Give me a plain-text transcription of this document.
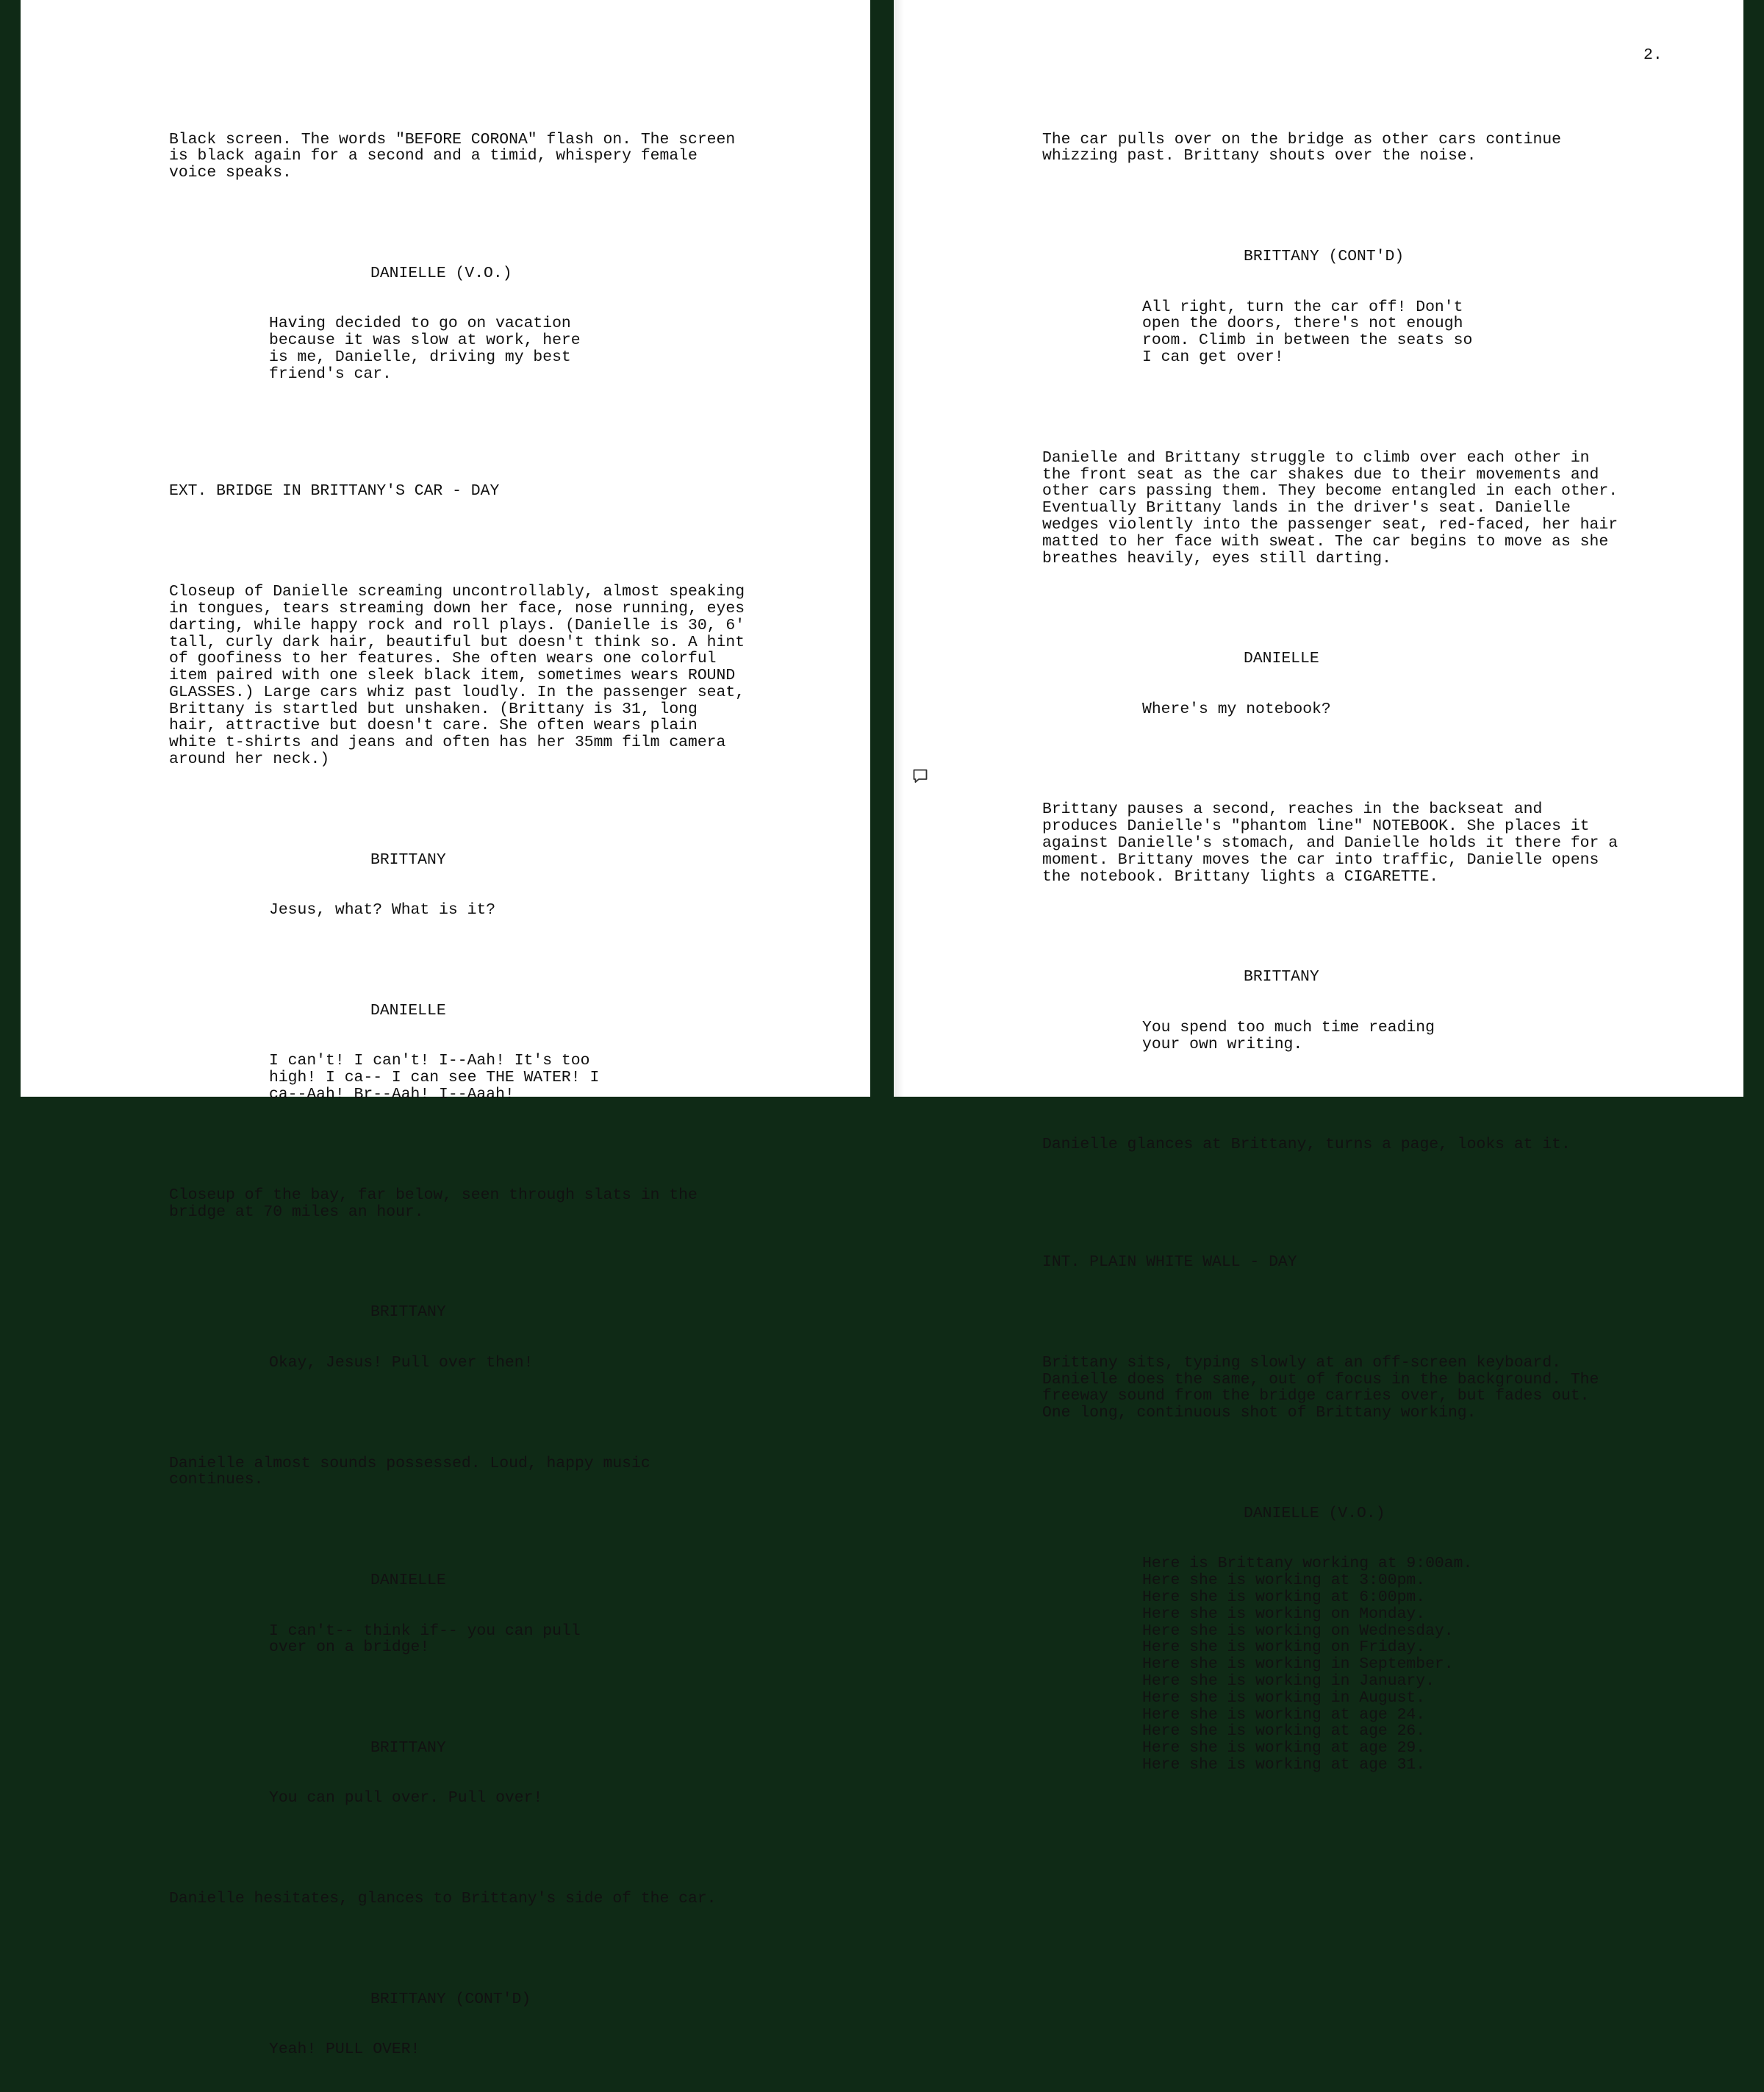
Black screen. The words "BEFORE CORONA" flash on. The screen
is black again for a second and a timid, whispery female
voice speaks.

DANIELLE (V.O.)

Having decided to go on vacation
because it was slow at work, here
is me, Danielle, driving my best
friend's car.

EXT. BRIDGE IN BRITTANY'S CAR - DAY

Closeup of Danielle screaming uncontrollably, almost speaking
in tongues, tears streaming down her face, nose running, eyes
darting, while happy rock and roll plays. (Danielle is 30, 6'
tall, curly dark hair, beautiful but doesn't think so. A hint
of goofiness to her features. She often wears one colorful
item paired with one sleek black item, sometimes wears ROUND
GLASSES.) Large cars whiz past loudly. In the passenger seat,
Brittany is startled but unshaken. (Brittany is 31, long
hair, attractive but doesn't care. She often wears plain
white t-shirts and jeans and often has her 35mm film camera
around her neck.)

BRITTANY

Jesus, what? What is it?

DANIELLE

I can't! I can't! I--Aah! It's too
high! I ca-- I can see THE WATER! I
ca--Aah! Br--Aah! I--Aaah!

Closeup of the bay, far below, seen through slats in the
bridge at 70 miles an hour.

BRITTANY

Okay, Jesus! Pull over then!

Danielle almost sounds possessed. Loud, happy music
continues.

DANIELLE

I can't-- think if-- you can pull
over on a bridge!

BRITTANY

You can pull over. Pull over!

Danielle hesitates, glances to Brittany's side of the car.

BRITTANY (CONT'D)

Yeah! PULL OVER!

2.

The car pulls over on the bridge as other cars continue
whizzing past. Brittany shouts over the noise.

BRITTANY (CONT'D)

All right, turn the car off! Don't
open the doors, there's not enough
room. Climb in between the seats so
I can get over!

Danielle and Brittany struggle to climb over each other in
the front seat as the car shakes due to their movements and
other cars passing them. They become entangled in each other.
Eventually Brittany lands in the driver's seat. Danielle
wedges violently into the passenger seat, red-faced, her hair
matted to her face with sweat. The car begins to move as she
breathes heavily, eyes still darting.

DANIELLE

Where's my notebook?

Brittany pauses a second, reaches in the backseat and
produces Danielle's "phantom line" NOTEBOOK. She places it
against Danielle's stomach, and Danielle holds it there for a
moment. Brittany moves the car into traffic, Danielle opens
the notebook. Brittany lights a CIGARETTE.

BRITTANY

You spend too much time reading
your own writing.

Danielle glances at Brittany, turns a page, looks at it.

INT. PLAIN WHITE WALL - DAY

Brittany sits, typing slowly at an off-screen keyboard.
Danielle does the same, out of focus in the background. The
freeway sound from the bridge carries over, but fades out.
One long, continuous shot of Brittany working.

DANIELLE (V.O.)

Here is Brittany working at 9:00am.
Here she is working at 3:00pm.
Here she is working at 6:00pm.
Here she is working on Monday.
Here she is working on Wednesday.
Here she is working on Friday.
Here she is working in September.
Here she is working in January.
Here she is working in August.
Here she is working at age 24.
Here she is working at age 26.
Here she is working at age 29.
Here she is working at age 31.
